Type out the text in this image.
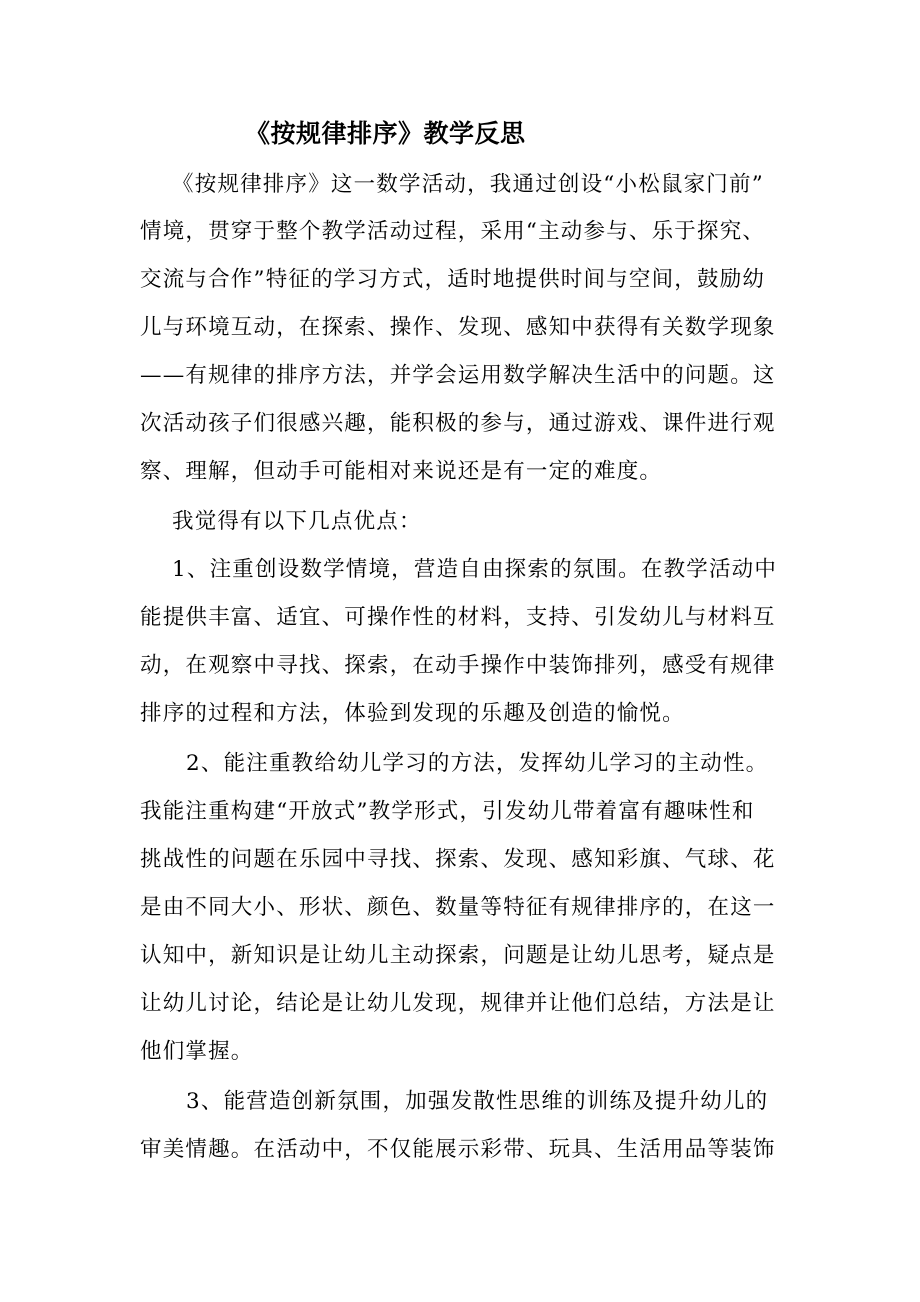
《按规律排序》教学反思
《按规律排序》这一数学活动，我通过创设“小松鼠家门前”
情境，贯穿于整个教学活动过程，采用“主动参与、乐于探究、
交流与合作”特征的学习方式，适时地提供时间与空间，鼓励幼
儿与环境互动，在探索、操作、发现、感知中获得有关数学现象
——有规律的排序方法，并学会运用数学解决生活中的问题。这
次活动孩子们很感兴趣，能积极的参与，通过游戏、课件进行观
察、理解，但动手可能相对来说还是有一定的难度。
我觉得有以下几点优点：
1、注重创设数学情境，营造自由探索的氛围。在教学活动中
能提供丰富、适宜、可操作性的材料，支持、引发幼儿与材料互
动，在观察中寻找、探索，在动手操作中装饰排列，感受有规律
排序的过程和方法，体验到发现的乐趣及创造的愉悦。
2、能注重教给幼儿学习的方法，发挥幼儿学习的主动性。
我能注重构建“开放式”教学形式，引发幼儿带着富有趣味性和
挑战性的问题在乐园中寻找、探索、发现、感知彩旗、气球、花
是由不同大小、形状、颜色、数量等特征有规律排序的，在这一
认知中，新知识是让幼儿主动探索，问题是让幼儿思考，疑点是
让幼儿讨论，结论是让幼儿发现，规律并让他们总结，方法是让
他们掌握。
3、能营造创新氛围，加强发散性思维的训练及提升幼儿的
审美情趣。在活动中，不仅能展示彩带、玩具、生活用品等装饰
